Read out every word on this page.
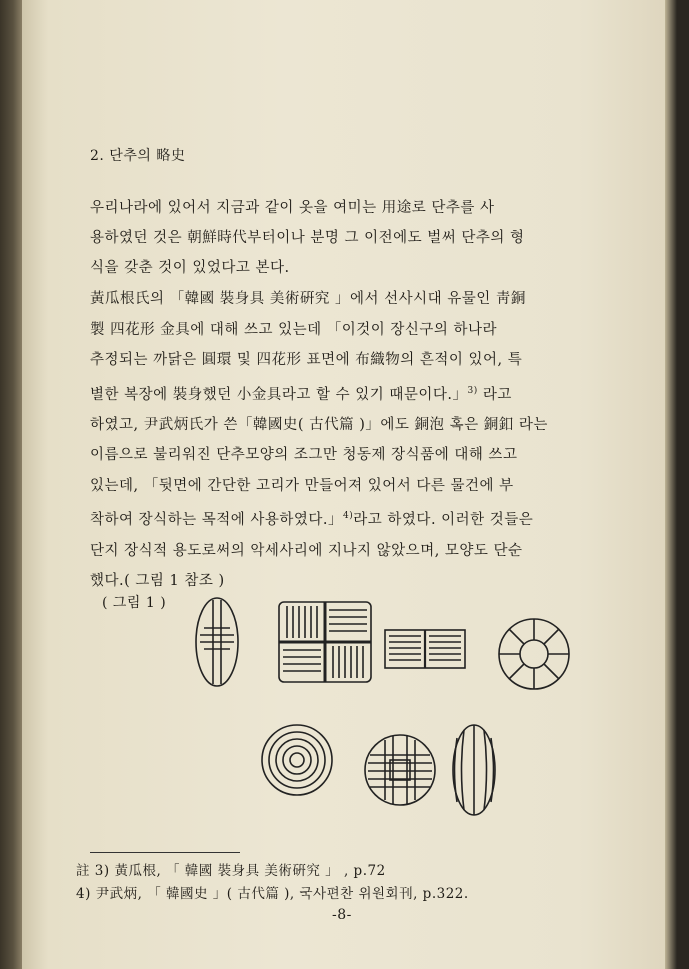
2. 단추의 略史
우리나라에 있어서 지금과 같이 옷을 여미는 用途로 단추를 사
용하였던 것은 朝鮮時代부터이나 분명 그 이전에도 벌써 단추의 형
식을 갖춘 것이 있었다고 본다.
黃瓜根氏의 「韓國 裝身具 美術硏究 」에서 선사시대 유물인 靑銅
製 四花形 金具에 대해 쓰고 있는데 「이것이 장신구의 하나라
추정되는 까닭은 圓環 및 四花形 표면에 布織物의 흔적이 있어, 특
별한 복장에 裝身했던 小金具라고 할 수 있기 때문이다.」$^{3)}$ 라고
하였고, 尹武炳氏가 쓴「韓國史( 古代篇 )」에도 銅泡 혹은 銅釦 라는
이름으로 불리워진 단추모양의 조그만 청동제 장식품에 대해 쓰고
있는데, 「뒷면에 간단한 고리가 만들어져 있어서 다른 물건에 부
착하여 장식하는 목적에 사용하였다.」$^{4)}$라고 하였다. 이러한 것들은
단지 장식적 용도로써의 악세사리에 지나지 않았으며, 모양도 단순
했다.( 그림 1 참조 )
( 그림 1 )
註 3) 黃瓜根, 「 韓國 裝身具 美術硏究 」 , p.72
4) 尹武炳, 「 韓國史 」( 古代篇 ), 국사편찬 위원회刊, p.322.
-8-
